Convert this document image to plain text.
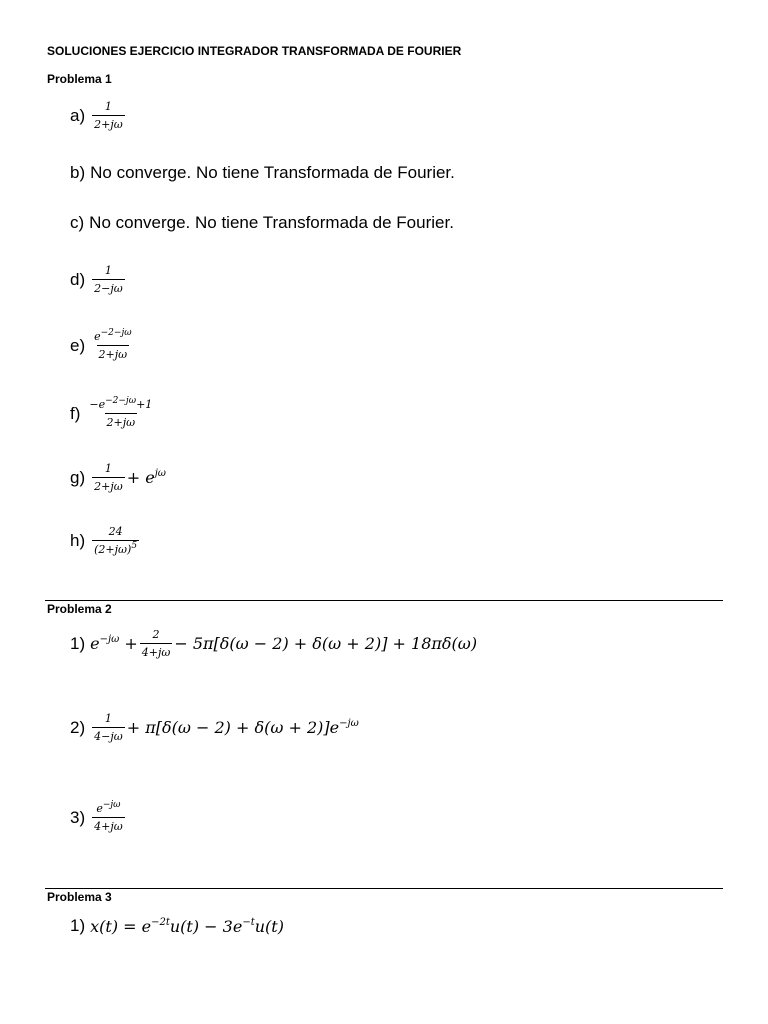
SOLUCIONES EJERCICIO INTEGRADOR TRANSFORMADA DE FOURIER
Problema 1
$a) \frac{1}{2+j\omega}$
b) No converge. No tiene Transformada de Fourier.
c) No converge. No tiene Transformada de Fourier.
$d) \frac{1}{2-j\omega}$
$e) \frac{e^{-2-j\omega}}{2+j\omega}$
$f) \frac{-e^{-2-j\omega}+1}{2+j\omega}$
$g) \frac{1}{2+j\omega} + e^{j\omega}$
$h) \frac{24}{(2+j\omega)^5}$
Problema 2
1) $e^{-j\omega} + \frac{2}{4+j\omega} - 5\pi[\delta(\omega - 2) + \delta(\omega + 2)] + 18\pi\delta(\omega)$
$2) \frac{1}{4-j\omega} + \pi[\delta(\omega - 2) + \delta(\omega + 2)]e^{-j\omega}$
$3) \frac{e^{-j\omega}}{4+j\omega}$
Problema 3
1) $x(t) = e^{-2t}u(t) - 3e^{-t}u(t)$
